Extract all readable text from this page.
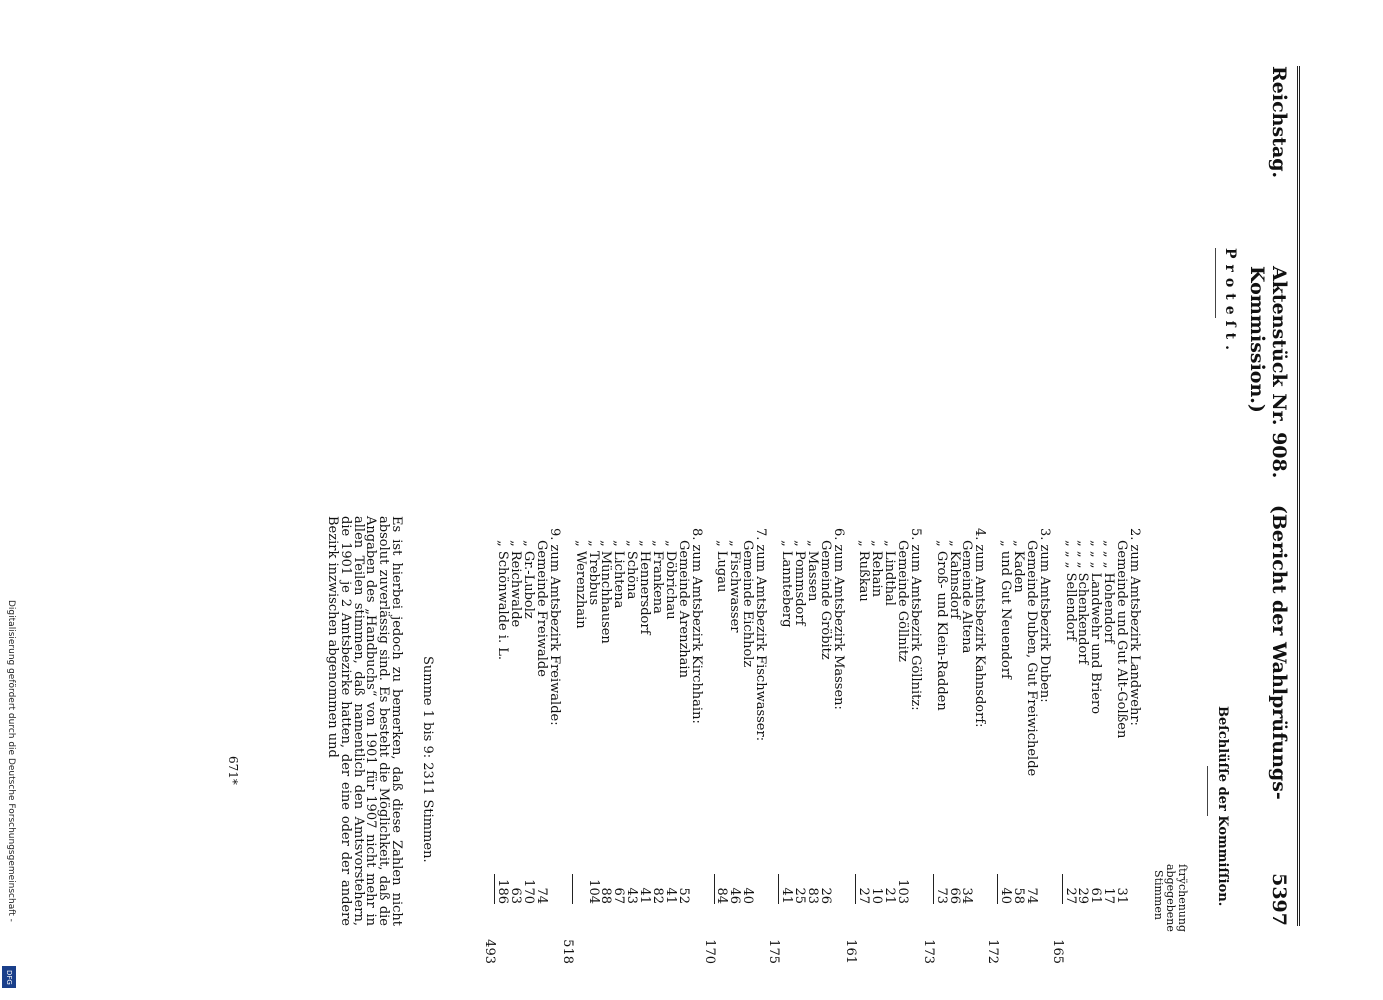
Reichstag.
Aktenstück Nr. 908.    (Bericht der Wahlprüfungs-Kommission.)
5397
Proteſt.
Beſchlüſſe der Kommiſſion.
ſtrÿchenung abgegebene Stimmen
2. zum Amtsbezirk Landwehr:
Gemeinde und Gut Alt-Golßen
31
„ „ „ Hohendorf
17
„ „ „ Landwehr und Briero
61
„ „ „ Schenkendorf
29
„ „ „ Sellendorf
27
165
3. zum Amtsbezirk Duben:
Gemeinde Duben, Gut Freiwichelde
74
„ Kaden
58
„ und Gut Neuendorf
40
172
4. zum Amtsbezirk Kahnsdorf:
Gemeinde Altena
34
„ Kahnsdorf
66
„ Groß- und Klein-Radden
73
173
5. zum Amtsbezirk Göllnitz:
Gemeinde Göllnitz
103
„ Lindthal
21
„ Rehain
10
„ Rußkau
27
161
6. zum Amtsbezirk Massen:
Gemeinde Gröbitz
26
„ Massen
83
„ Pommsdorf
25
„ Lannteberg
41
175
7. zum Amtsbezirk Fischwasser:
Gemeinde Eichholz
40
„ Fischwasser
46
„ Lugau
84
170
8. zum Amtsbezirk Kirchhain:
Gemeinde Arenzhain
52
„ Döbrichau
41
„ Frankena
82
„ Hennersdorf
41
„ Schöna
43
„ Lichtena
67
„ Münchhausen
88
„ Trebbus
104
„ Werenzhain
518
9. zum Amtsbezirk Freiwalde:
Gemeinde Freiwalde
74
„ Gr.-Lubolz
170
„ Reichwalde
63
„ Schönwalde i. L.
186
493
Summe 1 bis 9: 2311 Stimmen.
Es ist hierbei jedoch zu bemerken, daß diese Zahlen nicht absolut zuverlässig sind. Es besteht die Möglichkeit, daß die Angaben des „Handbuchs“ von 1901 für 1907 nicht mehr in allen Teilen stimmen, daß namentlich den Amtsvorstehern, die 1901 je 2 Amtsbezirke hatten, der eine oder der andere Bezirk inzwischen abgenommen und
671*
Digitalisierung gefördert durch die Deutsche Forschungsgemeinschaft -
DFG
